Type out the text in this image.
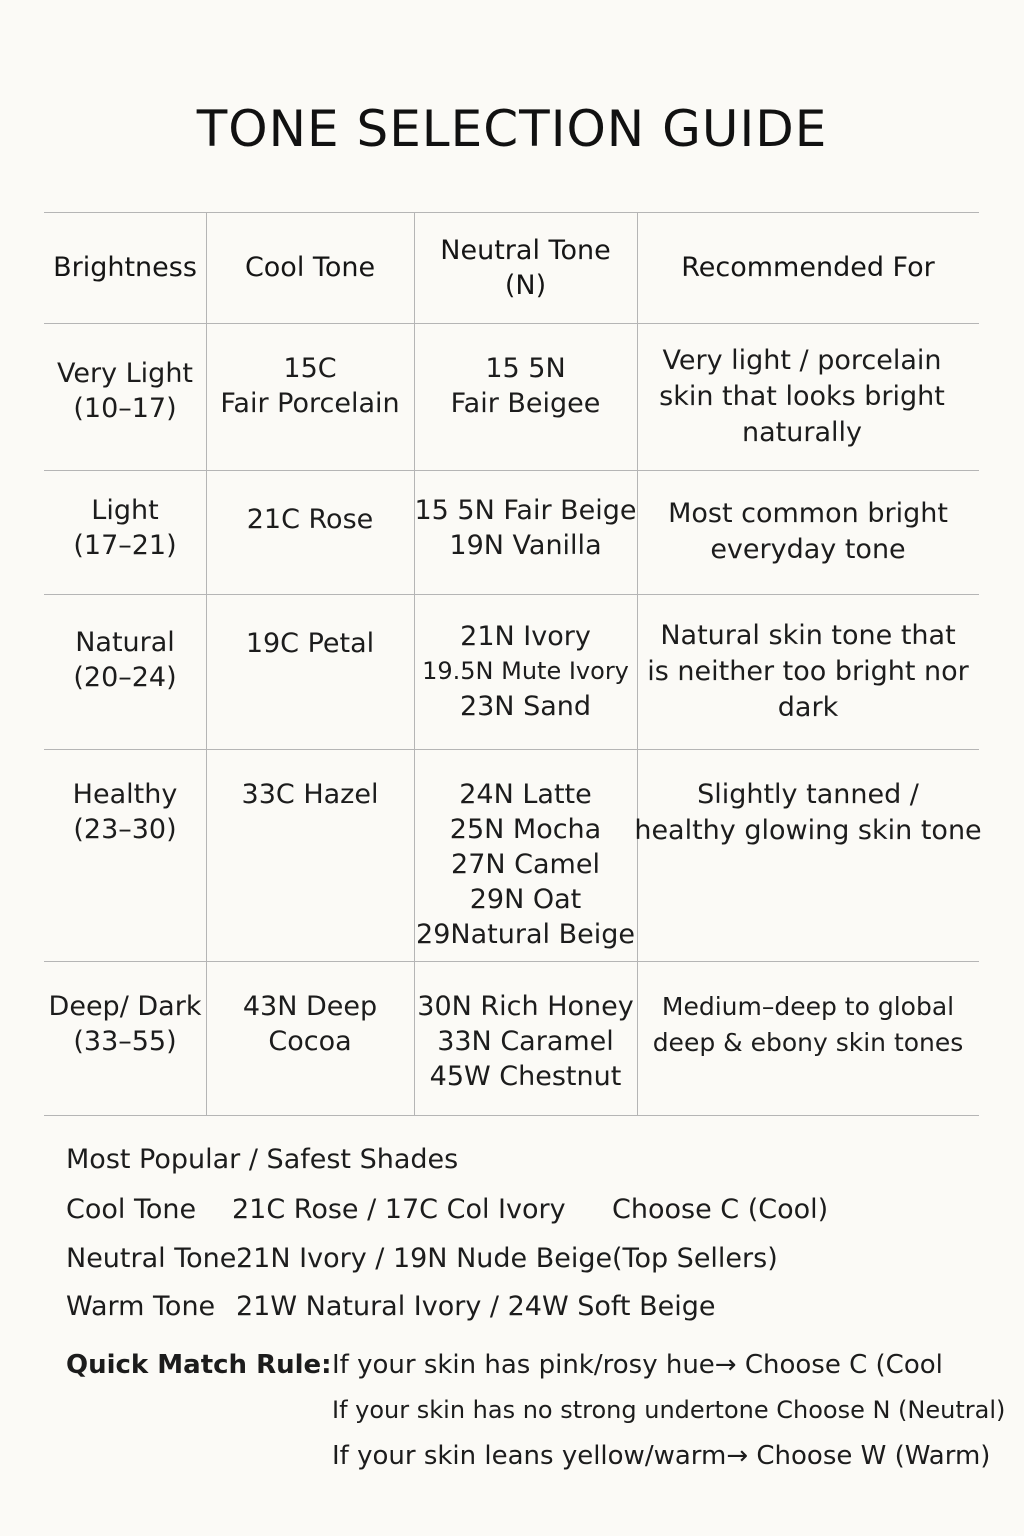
TONE SELECTION GUIDE
Brightness Cool Tone
Neutral Tone
(N)
Recommended For
Very Light
(10–17)
15C
Fair Porcelain
15 5N
Fair Beigee
Very light / porcelain
skin that looks bright
naturally
Light
(17–21)
21C Rose 15 5N Fair Beige
19N Vanilla
Most common bright
everyday tone
Natural
(20–24)
19C Petal	21N Ivory
19.5N Mute Ivory
23N Sand
Natural skin tone that
is neither too bright nor
dark
Healthy
(23–30)
33C Hazel	24N Latte
25N Mocha
27N Camel
29N Oat
29Natural Beige
Slightly tanned /
healthy glowing skin tone
Deep/ Dark
(33–55)
43N Deep
Cocoa
30N Rich Honey
33N Caramel
45W Chestnut
Medium–deep to global
deep & ebony skin tones
Most Popular / Safest Shades
Cool Tone 21C Rose / 17C Col Ivory Choose C (Cool)
Neutral Tone 21N Ivory / 19N Nude Beige (Top Sellers)
Warm Tone 21W Natural Ivory / 24W Soft Beige
Quick Match Rule: If your skin has pink/rosy hue→ Choose C (Cool
If your skin has no strong undertone Choose N (Neutral)
If your skin leans yellow/warm→ Choose W (Warm)
